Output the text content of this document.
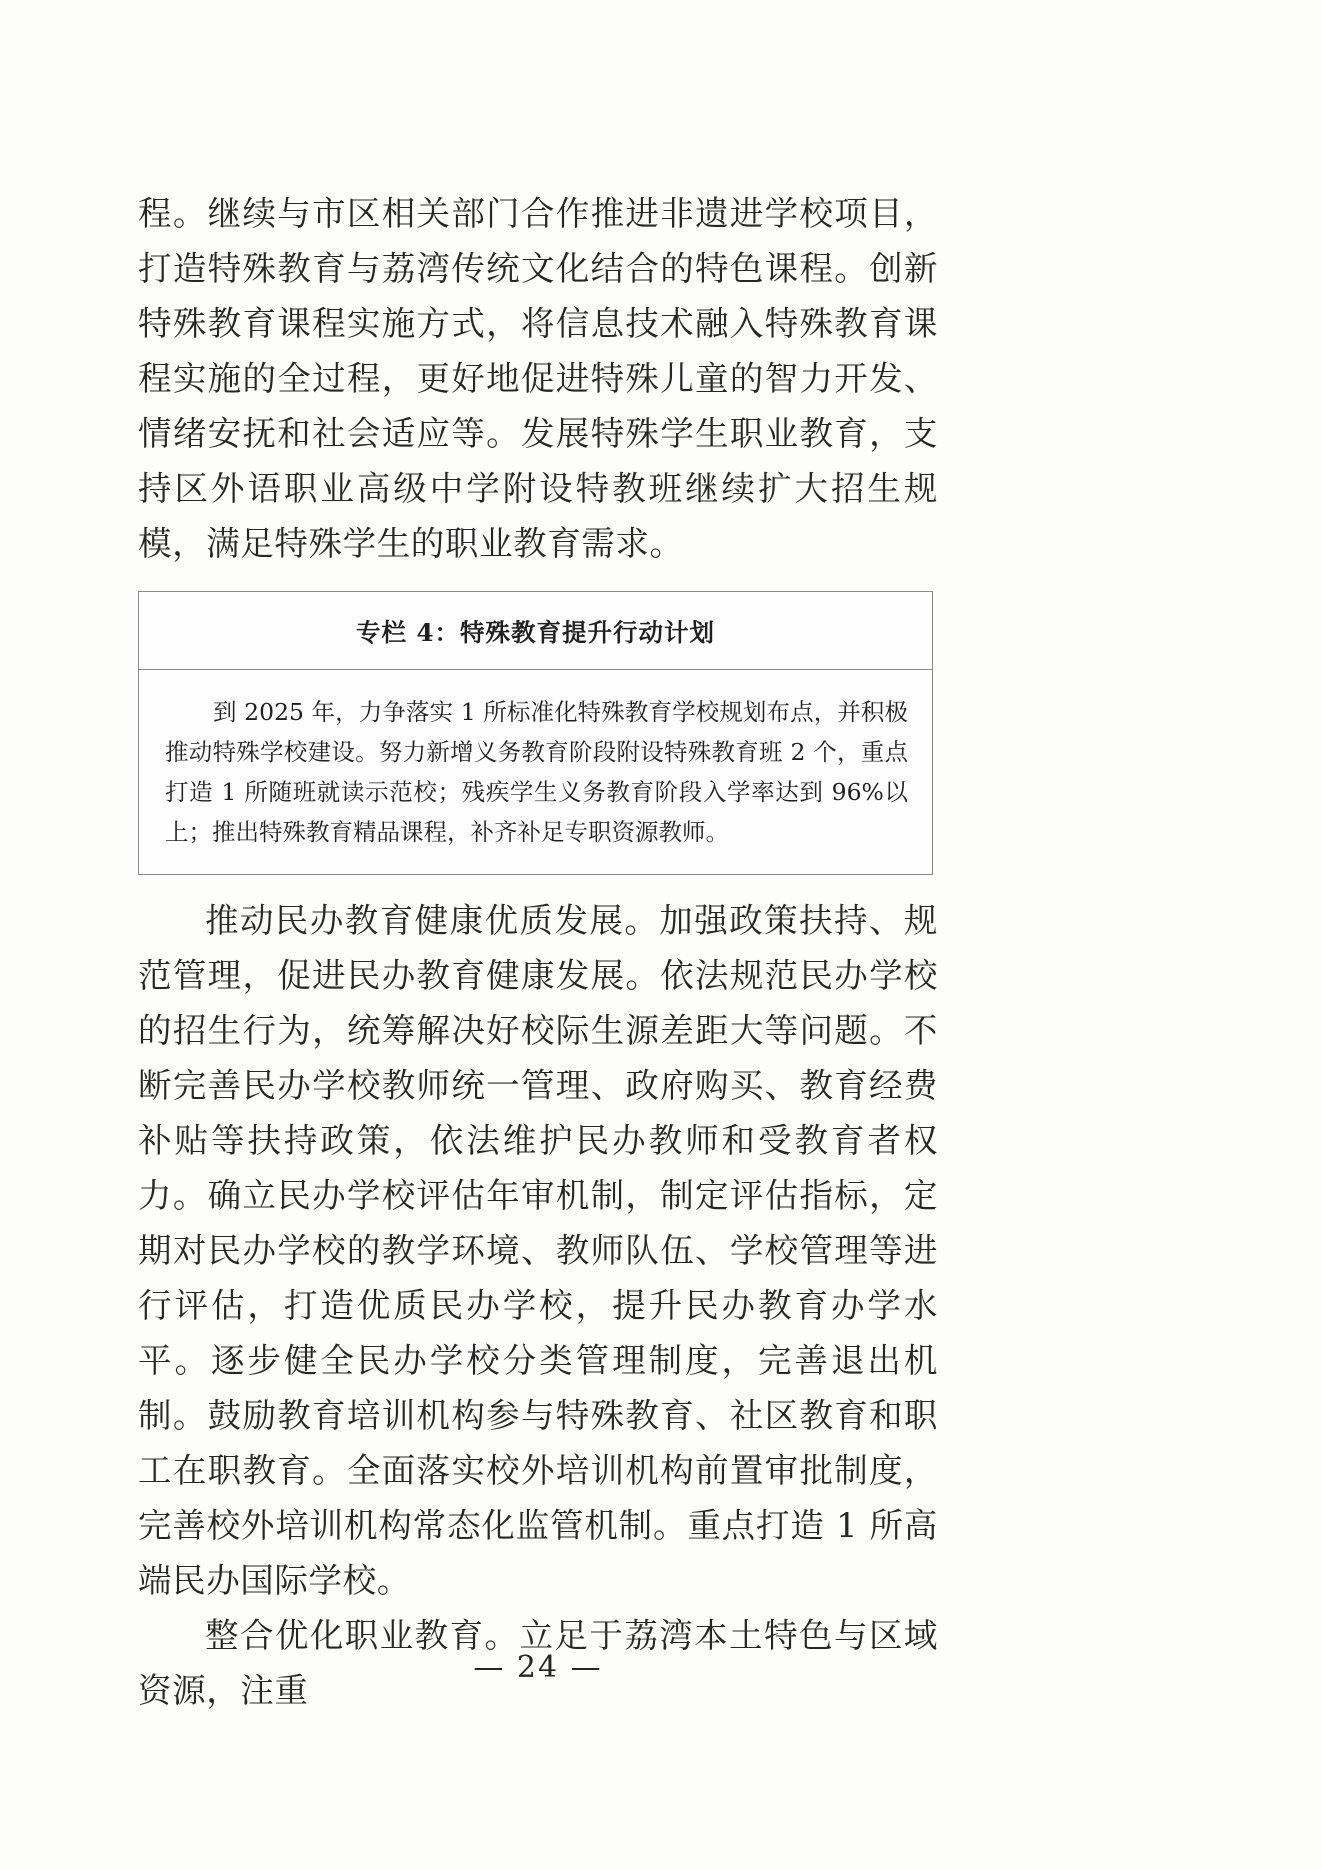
程。继续与市区相关部门合作推进非遗进学校项目，打造特殊教育与荔湾传统文化结合的特色课程。创新特殊教育课程实施方式，将信息技术融入特殊教育课程实施的全过程，更好地促进特殊儿童的智力开发、情绪安抚和社会适应等。发展特殊学生职业教育，支持区外语职业高级中学附设特教班继续扩大招生规模，满足特殊学生的职业教育需求。

专栏 4：特殊教育提升行动计划
到 2025 年，力争落实 1 所标准化特殊教育学校规划布点，并积极推动特殊学校建设。努力新增义务教育阶段附设特殊教育班 2 个，重点打造 1 所随班就读示范校；残疾学生义务教育阶段入学率达到 96%以上；推出特殊教育精品课程，补齐补足专职资源教师。

推动民办教育健康优质发展。加强政策扶持、规范管理，促进民办教育健康发展。依法规范民办学校的招生行为，统筹解决好校际生源差距大等问题。不断完善民办学校教师统一管理、政府购买、教育经费补贴等扶持政策，依法维护民办教师和受教育者权力。确立民办学校评估年审机制，制定评估指标，定期对民办学校的教学环境、教师队伍、学校管理等进行评估，打造优质民办学校，提升民办教育办学水平。逐步健全民办学校分类管理制度，完善退出机制。鼓励教育培训机构参与特殊教育、社区教育和职工在职教育。全面落实校外培训机构前置审批制度，完善校外培训机构常态化监管机制。重点打造 1 所高端民办国际学校。

整合优化职业教育。立足于荔湾本土特色与区域资源，注重

— 24 —
